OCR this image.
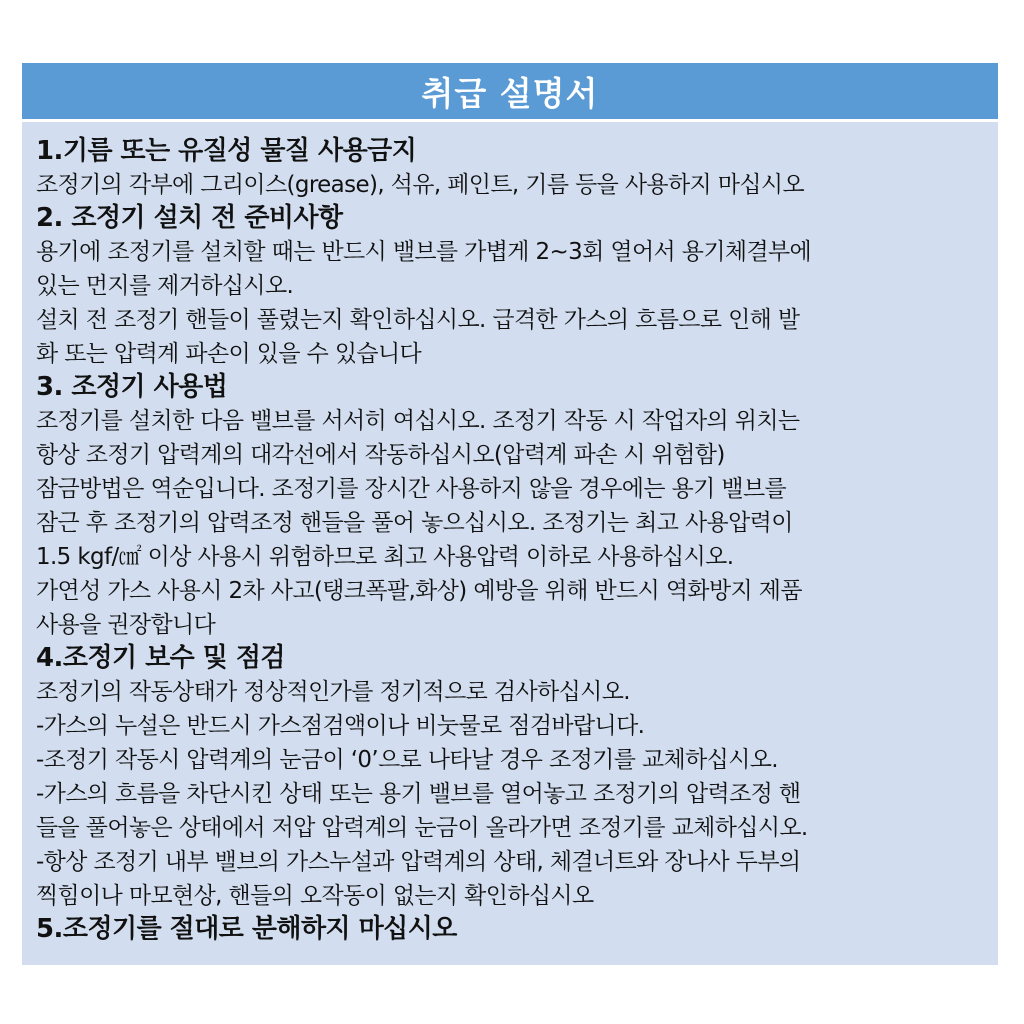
취급 설명서
1.기름 또는 유질성 물질 사용금지
조정기의 각부에 그리이스(grease), 석유, 페인트, 기름 등을 사용하지 마십시오
2. 조정기 설치 전 준비사항
용기에 조정기를 설치할 때는 반드시 밸브를 가볍게 2~3회 열어서 용기체결부에
있는 먼지를 제거하십시오.
설치 전 조정기 핸들이 풀렸는지 확인하십시오. 급격한 가스의 흐름으로 인해 발
화 또는 압력계 파손이 있을 수 있습니다
3. 조정기 사용법
조정기를 설치한 다음 밸브를 서서히 여십시오. 조정기 작동 시 작업자의 위치는
항상 조정기 압력계의 대각선에서 작동하십시오(압력계 파손 시 위험함)
잠금방법은 역순입니다. 조정기를 장시간 사용하지 않을 경우에는 용기 밸브를
잠근 후 조정기의 압력조정 핸들을 풀어 놓으십시오. 조정기는 최고 사용압력이
1.5 kgf/㎠ 이상 사용시 위험하므로 최고 사용압력 이하로 사용하십시오.
가연성 가스 사용시 2차 사고(탱크폭팔,화상) 예방을 위해 반드시 역화방지 제품
사용을 권장합니다
4.조정기 보수 및 점검
조정기의 작동상태가 정상적인가를 정기적으로 검사하십시오.
-가스의 누설은 반드시 가스점검액이나 비눗물로 점검바랍니다.
-조정기 작동시 압력계의 눈금이 ‘0’으로 나타날 경우 조정기를 교체하십시오.
-가스의 흐름을 차단시킨 상태 또는 용기 밸브를 열어놓고 조정기의 압력조정 핸
들을 풀어놓은 상태에서 저압 압력계의 눈금이 올라가면 조정기를 교체하십시오.
-항상 조정기 내부 밸브의 가스누설과 압력계의 상태, 체결너트와 장나사 두부의
찍힘이나 마모현상, 핸들의 오작동이 없는지 확인하십시오
5.조정기를 절대로 분해하지 마십시오
